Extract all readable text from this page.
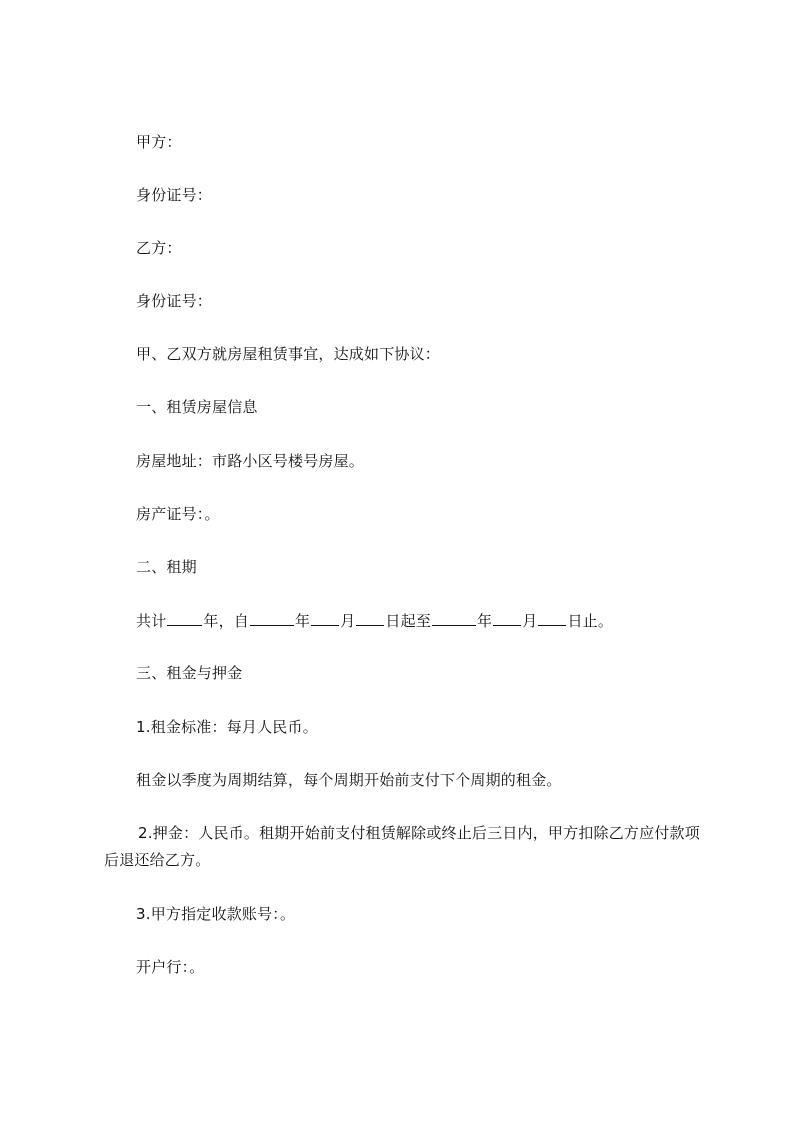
甲方：
身份证号：
乙方：
身份证号：
甲、乙双方就房屋租赁事宜，达成如下协议：
一、租赁房屋信息
房屋地址：市路小区号楼号房屋。
房产证号：。
二、租期
共计 年，自	年 月 日起至	年 月 日止。
三、租金与押金
1.租金标准：每月人民币。
租金以季度为周期结算，每个周期开始前支付下个周期的租金。
2.押金：人民币。租期开始前支付租赁解除或终止后三日内，甲方扣除乙方应付款项后退还给乙方。
3.甲方指定收款账号：。
开户行：。
